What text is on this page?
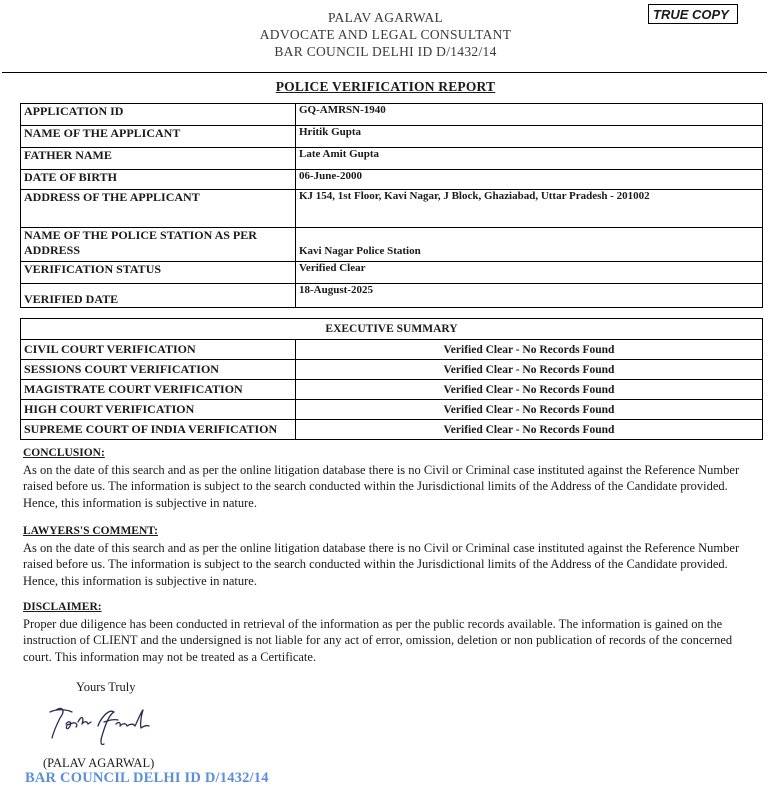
PALAV AGARWAL
ADVOCATE AND LEGAL CONSULTANT
BAR COUNCIL DELHI ID D/1432/14
TRUE COPY
POLICE VERIFICATION REPORT
APPLICATION ID	GQ-AMRSN-1940
NAME OF THE APPLICANT	Hritik Gupta
FATHER NAME	Late Amit Gupta
DATE OF BIRTH	06-June-2000
ADDRESS OF THE APPLICANT	KJ 154, 1st Floor, Kavi Nagar, J Block, Ghaziabad, Uttar Pradesh - 201002
NAME OF THE POLICE STATION AS PER ADDRESS	Kavi Nagar Police Station
VERIFICATION STATUS	Verified Clear
VERIFIED DATE	18-August-2025
EXECUTIVE SUMMARY	
CIVIL COURT VERIFICATION	Verified Clear - No Records Found
SESSIONS COURT VERIFICATION	Verified Clear - No Records Found
MAGISTRATE COURT VERIFICATION	Verified Clear - No Records Found
HIGH COURT VERIFICATION	Verified Clear - No Records Found
SUPREME COURT OF INDIA VERIFICATION	Verified Clear - No Records Found
CONCLUSION:
As on the date of this search and as per the online litigation database there is no Civil or Criminal case instituted against the Reference Number raised before us. The information is subject to the search conducted within the Jurisdictional limits of the Address of the Candidate provided. Hence, this information is subjective in nature.
LAWYERS'S COMMENT:
As on the date of this search and as per the online litigation database there is no Civil or Criminal case instituted against the Reference Number raised before us. The information is subject to the search conducted within the Jurisdictional limits of the Address of the Candidate provided. Hence, this information is subjective in nature.
DISCLAIMER:
Proper due diligence has been conducted in retrieval of the information as per the public records available. The information is gained on the instruction of CLIENT and the undersigned is not liable for any act of error, omission, deletion or non publication of records of the concerned court. This information may not be treated as a Certificate.
Yours Truly
(PALAV AGARWAL)
BAR COUNCIL DELHI ID D/1432/14
